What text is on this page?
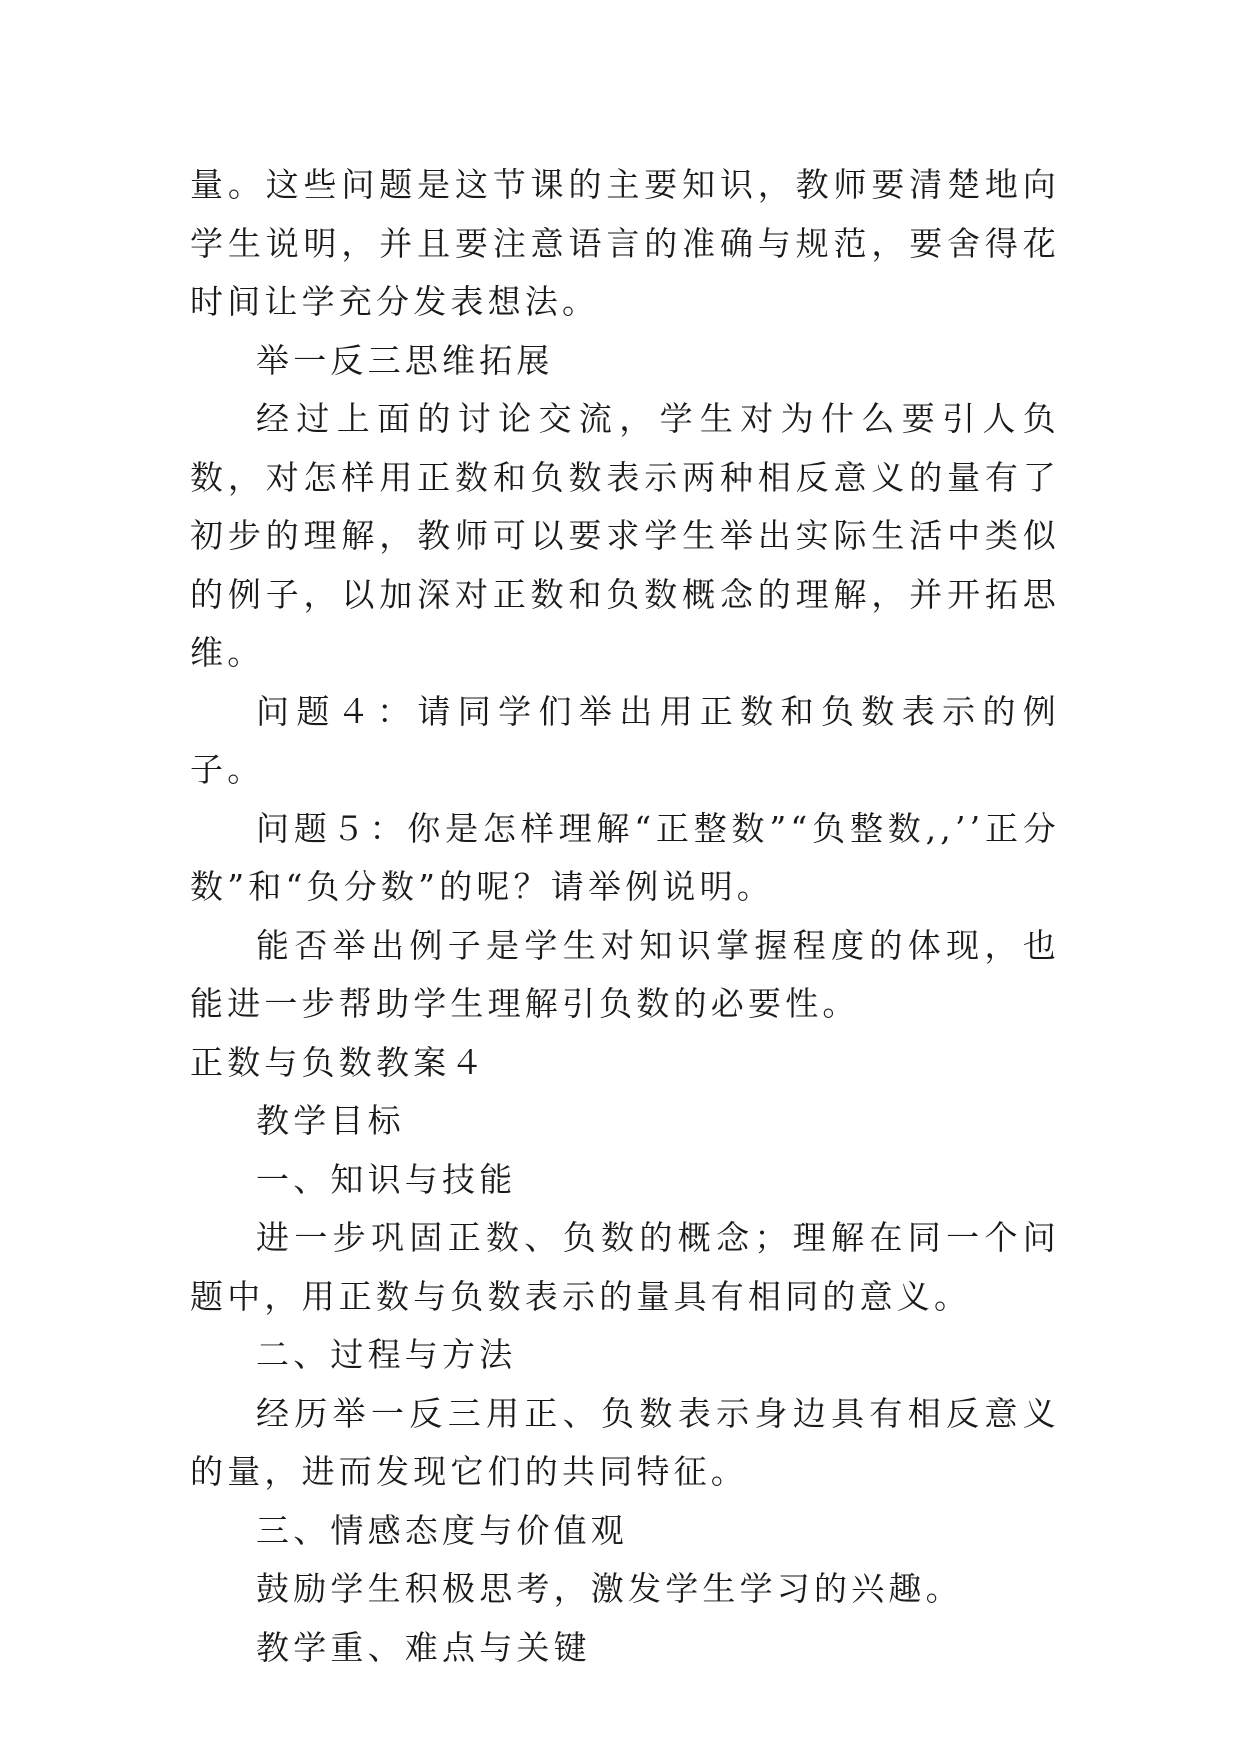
量。这些问题是这节课的主要知识，教师要清楚地向学生说明，并且要注意语言的准确与规范，要舍得花时间让学充分发表想法。

举一反三思维拓展

经过上面的讨论交流，学生对为什么要引人负数，对怎样用正数和负数表示两种相反意义的量有了初步的理解，教师可以要求学生举出实际生活中类似的例子，以加深对正数和负数概念的理解，并开拓思维。

问题４：请同学们举出用正数和负数表示的例子。

问题５：你是怎样理解“正整数”“负整数,,’’正分数”和“负分数”的呢？请举例说明。

能否举出例子是学生对知识掌握程度的体现，也能进一步帮助学生理解引负数的必要性。

正数与负数教案４

教学目标

一、知识与技能

进一步巩固正数、负数的概念；理解在同一个问题中，用正数与负数表示的量具有相同的意义。

二、过程与方法

经历举一反三用正、负数表示身边具有相反意义的量，进而发现它们的共同特征。

三、情感态度与价值观

鼓励学生积极思考，激发学生学习的兴趣。

教学重、难点与关键
